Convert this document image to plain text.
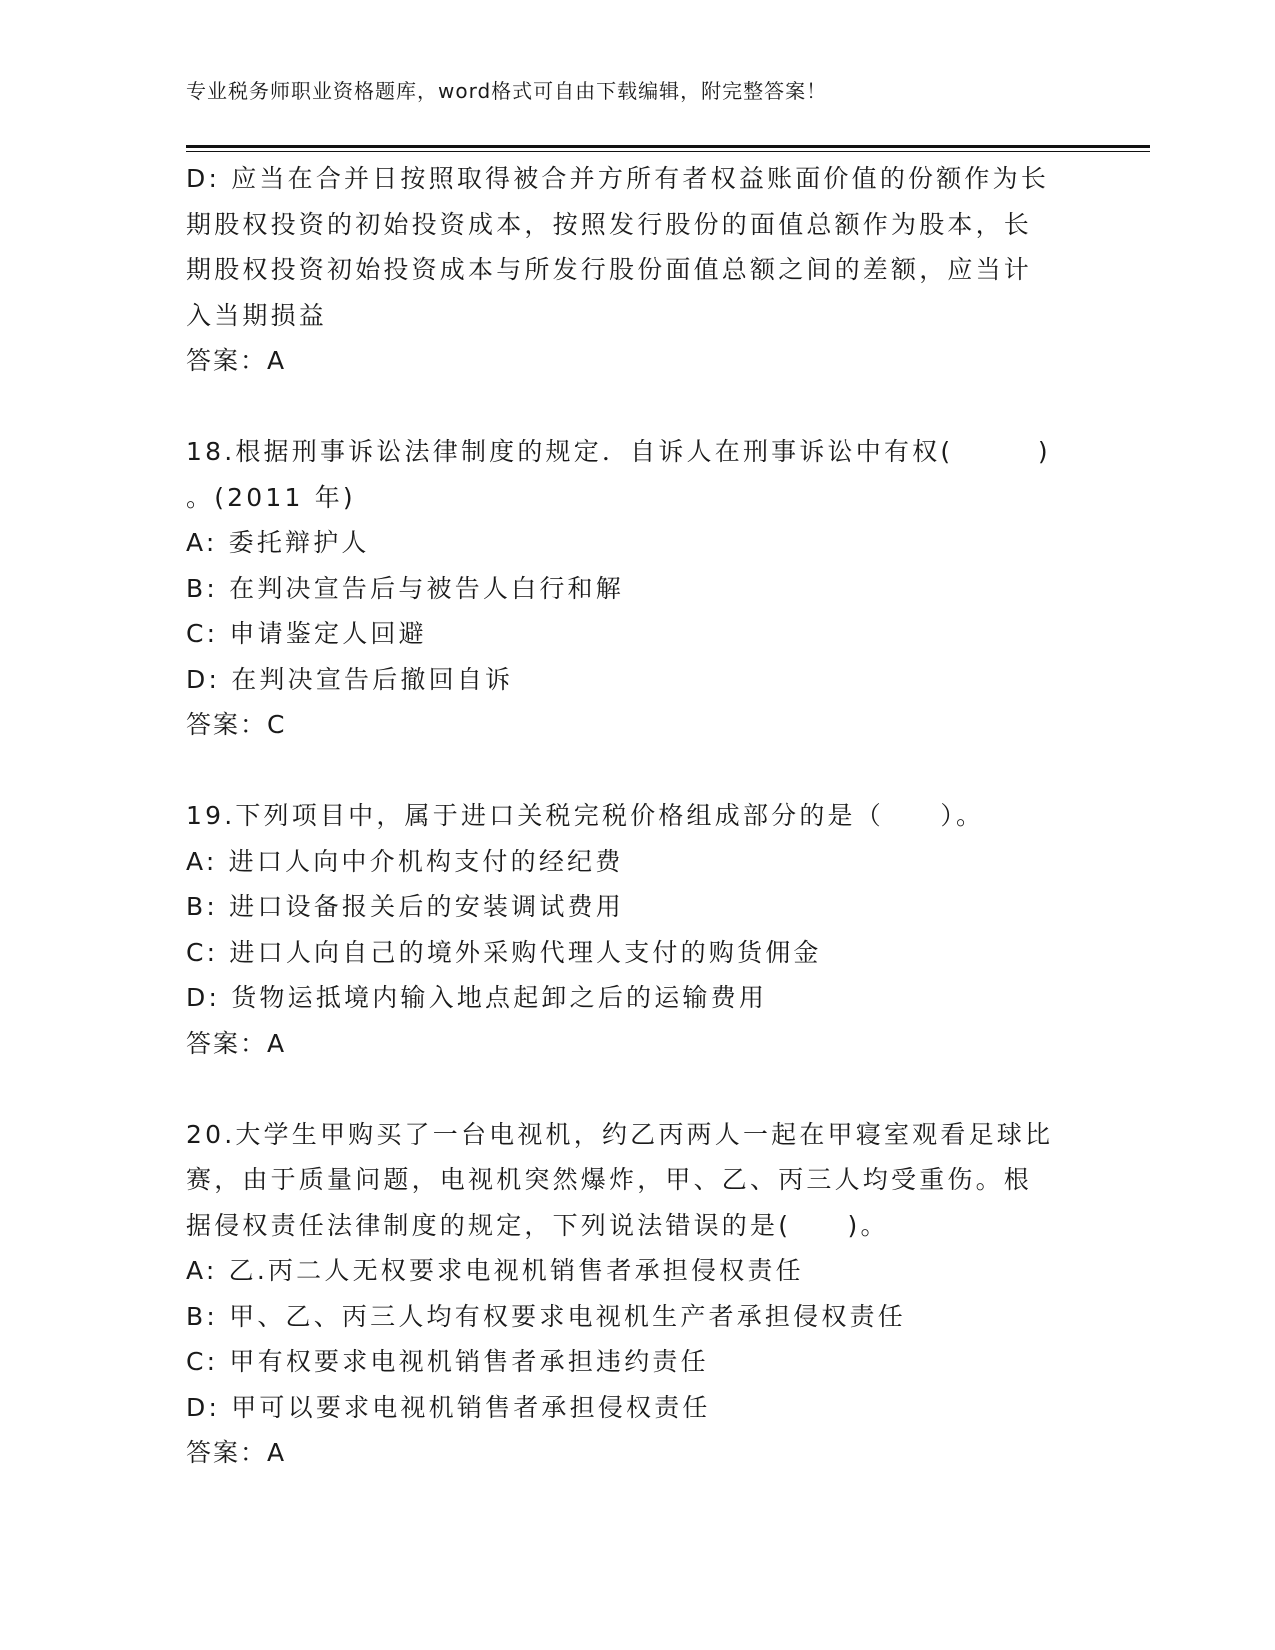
专业税务师职业资格题库，word格式可自由下载编辑，附完整答案！
D: 应当在合并日按照取得被合并方所有者权益账面价值的份额作为长
期股权投资的初始投资成本，按照发行股份的面值总额作为股本，长
期股权投资初始投资成本与所发行股份面值总额之间的差额，应当计
入当期损益
答案：A
18.根据刑事诉讼法律制度的规定．自诉人在刑事诉讼中有权(　　　)
。(2011 年)
A: 委托辩护人
B: 在判决宣告后与被告人白行和解
C: 申请鉴定人回避
D: 在判决宣告后撤回自诉
答案：C
19.下列项目中，属于进口关税完税价格组成部分的是（　　）。
A: 进口人向中介机构支付的经纪费
B: 进口设备报关后的安装调试费用
C: 进口人向自己的境外采购代理人支付的购货佣金
D: 货物运抵境内输入地点起卸之后的运输费用
答案：A
20.大学生甲购买了一台电视机，约乙丙两人一起在甲寝室观看足球比
赛，由于质量问题，电视机突然爆炸，甲、乙、丙三人均受重伤。根
据侵权责任法律制度的规定，下列说法错误的是(　　)。
A: 乙.丙二人无权要求电视机销售者承担侵权责任
B: 甲、乙、丙三人均有权要求电视机生产者承担侵权责任
C: 甲有权要求电视机销售者承担违约责任
D: 甲可以要求电视机销售者承担侵权责任
答案：A
